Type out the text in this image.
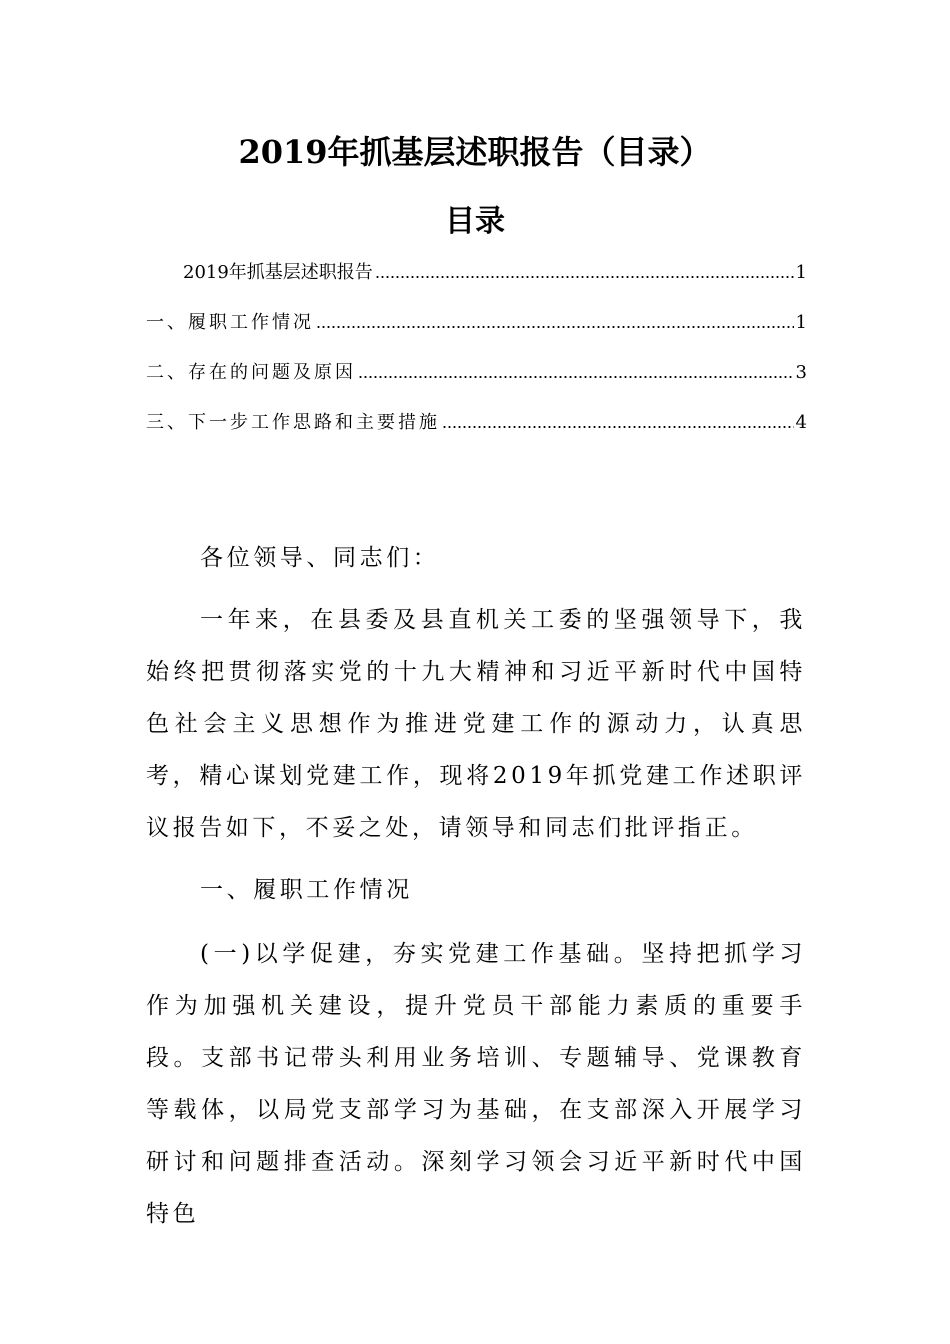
2019年抓基层述职报告（目录）
目录
2019年抓基层述职报告	1
一、履职工作情况	1
二、存在的问题及原因	3
三、下一步工作思路和主要措施	4

各位领导、同志们：

一年来，在县委及县直机关工委的坚强领导下，我始终把贯彻落实党的十九大精神和习近平新时代中国特色社会主义思想作为推进党建工作的源动力，认真思考，精心谋划党建工作，现将2019年抓党建工作述职评议报告如下，不妥之处，请领导和同志们批评指正。

一、履职工作情况

(一)以学促建，夯实党建工作基础。坚持把抓学习作为加强机关建设，提升党员干部能力素质的重要手段。支部书记带头利用业务培训、专题辅导、党课教育等载体，以局党支部学习为基础，在支部深入开展学习研讨和问题排查活动。深刻学习领会习近平新时代中国特色
